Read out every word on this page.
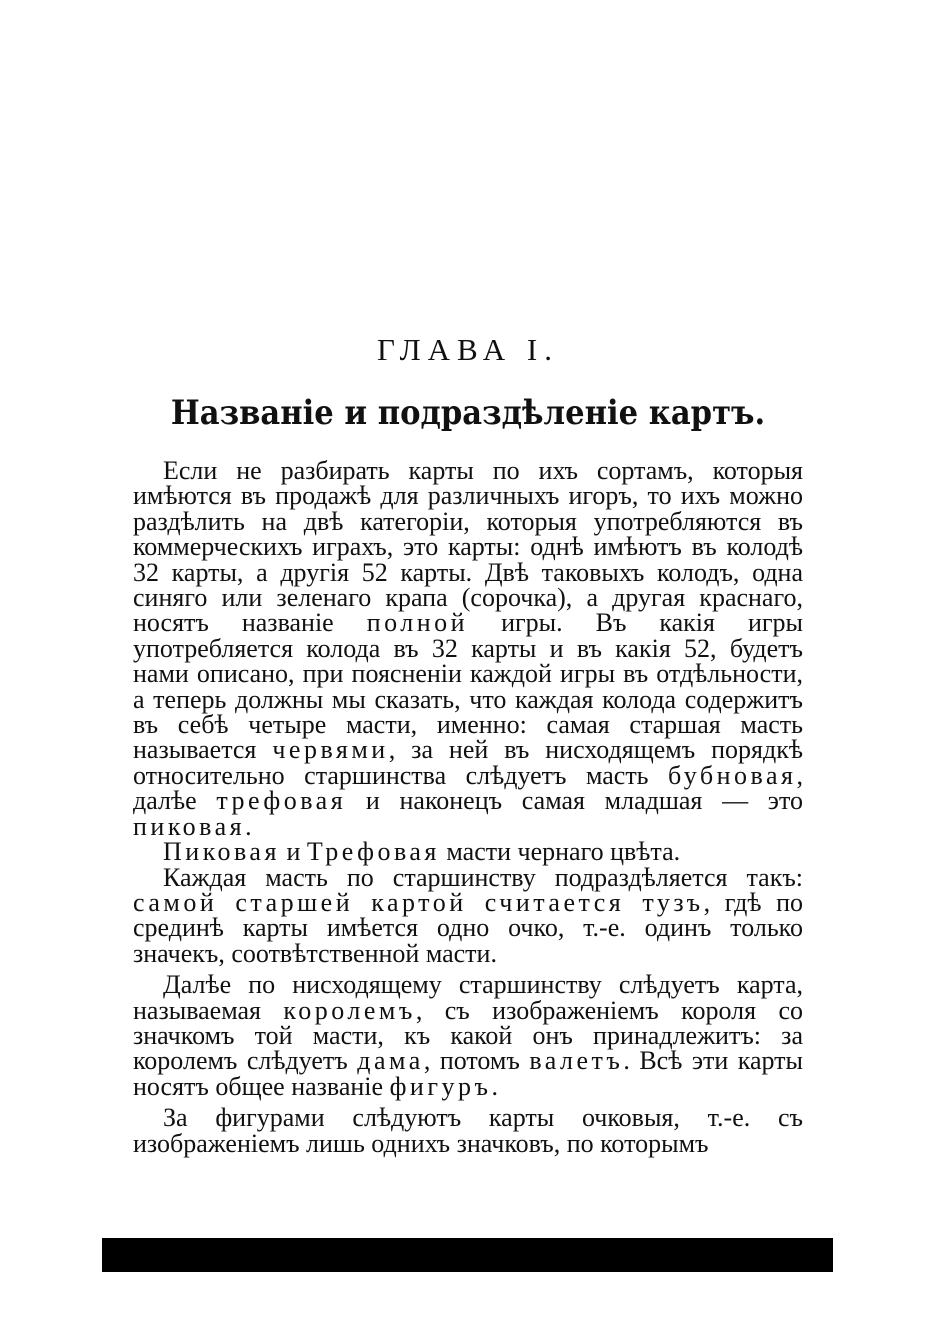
ГЛАВА I.
Названіе и подраздѣленіе картъ.

Если не разбирать карты по ихъ сортамъ, которыя имѣются въ продажѣ для различныхъ игоръ, то ихъ можно раздѣлить на двѣ категоріи, которыя употребляются въ коммерческихъ играхъ, это карты: однѣ имѣютъ въ колодѣ 32 карты, а другія 52 карты. Двѣ таковыхъ колодъ, одна синяго или зеленаго крапа (сорочка), а другая краснаго, носятъ названіе полной игры. Въ какія игры употребляется колода въ 32 карты и въ какія 52, будетъ нами описано, при поясненіи каждой игры въ отдѣльности, а теперь должны мы сказать, что каждая колода содержитъ въ себѣ четыре масти, именно: самая старшая масть называется червями, за ней въ нисходящемъ порядкѣ относительно старшинства слѣдуетъ масть бубновая, далѣе трефовая и наконецъ самая младшая — это пиковая.

Пиковая и Трефовая масти чернаго цвѣта.

Каждая масть по старшинству подраздѣляется такъ: самой старшей картой считается тузъ, гдѣ по срединѣ карты имѣется одно очко, т.-е. одинъ только значекъ, соотвѣтственной масти.

Далѣе по нисходящему старшинству слѣдуетъ карта, называемая королемъ, съ изображеніемъ короля со значкомъ той масти, къ какой онъ принадлежитъ: за королемъ слѣдуетъ дама, потомъ валетъ. Всѣ эти карты носятъ общее названіе фигуръ.

За фигурами слѣдуютъ карты очковыя, т.-е. съ изображеніемъ лишь однихъ значковъ, по которымъ
